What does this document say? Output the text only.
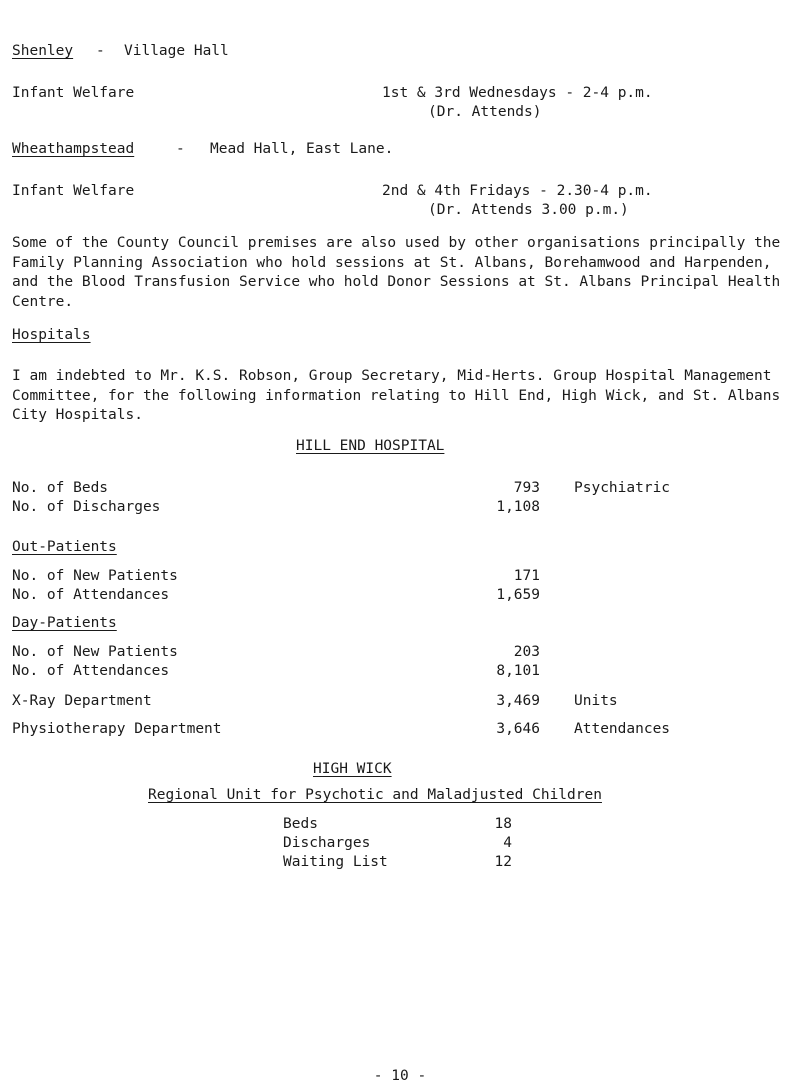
Shenley - Village Hall
Infant Welfare	1st & 3rd Wednesdays - 2-4 p.m.
(Dr. Attends)
Wheathampstead	- Mead Hall, East Lane.
Infant Welfare	2nd & 4th Fridays - 2.30-4 p.m.
(Dr. Attends 3.00 p.m.)
Some of the County Council premises are also used by other organisations principally the Family Planning Association who hold sessions at St. Albans, Borehamwood and Harpenden, and the Blood Transfusion Service who hold Donor Sessions at St. Albans Principal Health Centre.
Hospitals
I am indebted to Mr. K.S. Robson, Group Secretary, Mid-Herts. Group Hospital Management Committee, for the following information relating to Hill End, High Wick, and St. Albans City Hospitals.
HILL END HOSPITAL
No. of Beds	793 Psychiatric
No. of Discharges	1,108
Out-Patients
No. of New Patients	171
No. of Attendances	1,659
Day-Patients
No. of New Patients	203
No. of Attendances	8,101
X-Ray Department	3,469 Units
Physiotherapy Department	3,646 Attendances
HIGH WICK
Regional Unit for Psychotic and Maladjusted Children
Beds	18
Discharges	4
Waiting List	12
- 10 -
